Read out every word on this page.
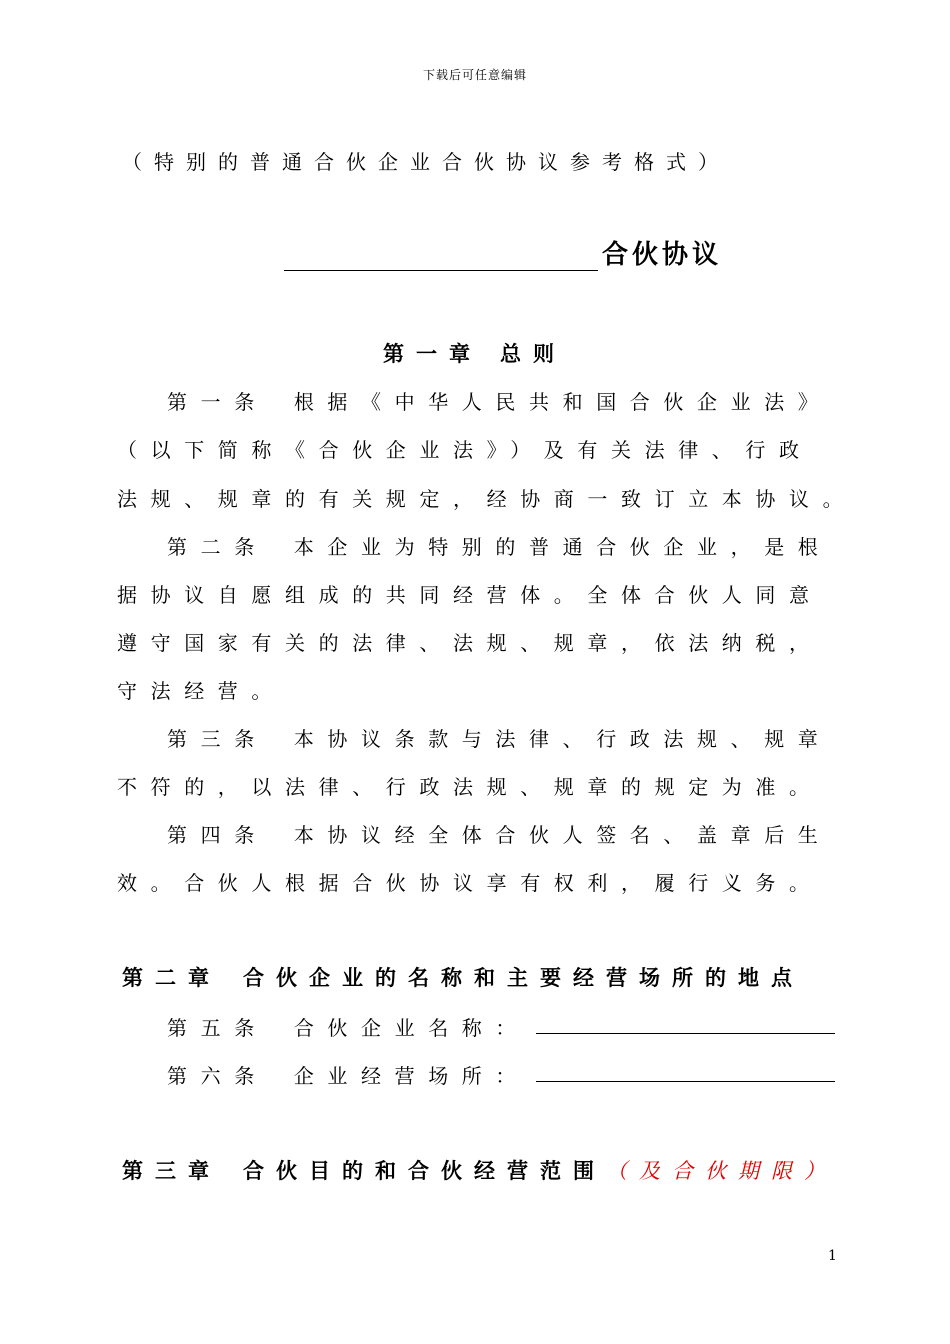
下载后可任意编辑
（特别的普通合伙企业合伙协议参考格式）
合伙协议
第一章 总则
第一条 根据《中华人民共和国合伙企业法》
（以下简称《合伙企业法》）及有关法律、行政
法规、规章的有关规定，经协商一致订立本协议。
第二条 本企业为特别的普通合伙企业，是根
据协议自愿组成的共同经营体。全体合伙人同意
遵守国家有关的法律、法规、规章，依法纳税，
守法经营。
第三条 本协议条款与法律、行政法规、规章
不符的，以法律、行政法规、规章的规定为准。
第四条 本协议经全体合伙人签名、盖章后生
效。合伙人根据合伙协议享有权利，履行义务。
第二章 合伙企业的名称和主要经营场所的地点
第五条 合伙企业名称：
第六条 企业经营场所：
第三章 合伙目的和合伙经营范围（及合伙期限）
1
